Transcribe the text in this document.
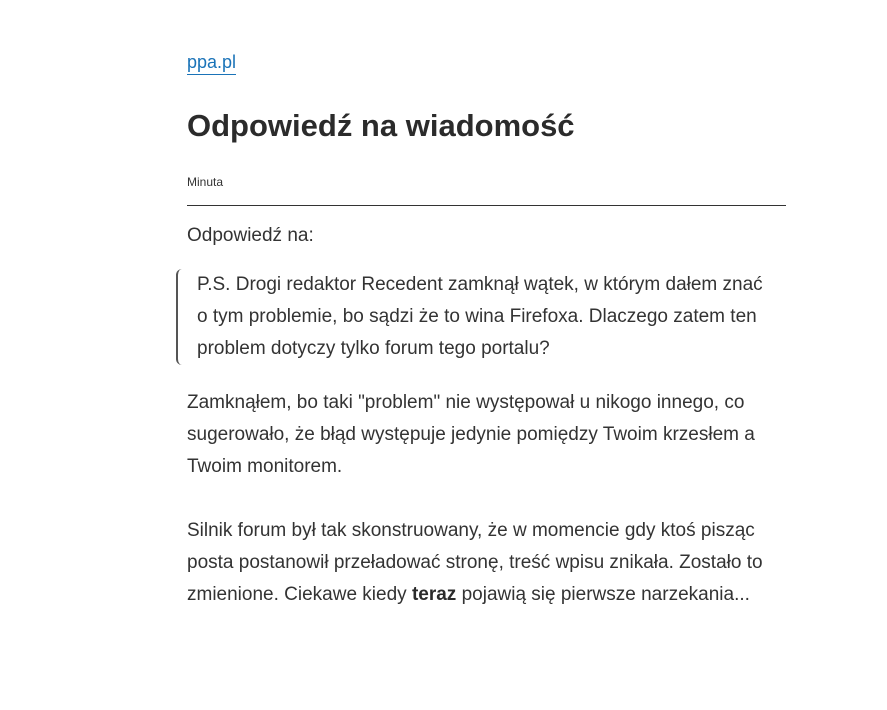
ppa.pl
Odpowiedź na wiadomość
Minuta
Odpowiedź na:

P.S. Drogi redaktor Recedent zamknął wątek, w którym dałem znać o tym problemie, bo sądzi że to wina Firefoxa. Dlaczego zatem ten problem dotyczy tylko forum tego portalu?

Zamknąłem, bo taki "problem" nie występował u nikogo innego, co sugerowało, że błąd występuje jedynie pomiędzy Twoim krzesłem a Twoim monitorem.

Silnik forum był tak skonstruowany, że w momencie gdy ktoś pisząc posta postanowił przeładować stronę, treść wpisu znikała. Zostało to zmienione. Ciekawe kiedy teraz pojawią się pierwsze narzekania...
